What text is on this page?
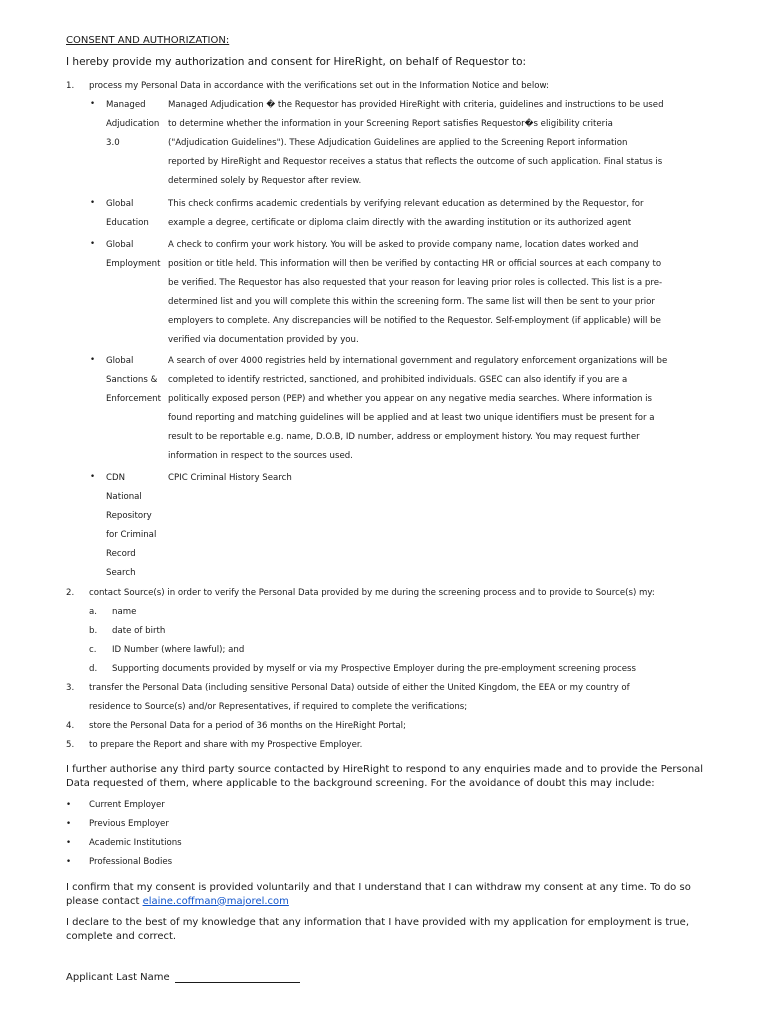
CONSENT AND AUTHORIZATION:
I hereby provide my authorization and consent for HireRight, on behalf of Requestor to:
1. process my Personal Data in accordance with the verifications set out in the Information Notice and below:
• Managed
Adjudication
3.0
Managed Adjudication � the Requestor has provided HireRight with criteria, guidelines and instructions to be used
to determine whether the information in your Screening Report satisfies Requestor�s eligibility criteria
("Adjudication Guidelines"). These Adjudication Guidelines are applied to the Screening Report information
reported by HireRight and Requestor receives a status that reflects the outcome of such application. Final status is
determined solely by Requestor after review.
• Global
Education
This check confirms academic credentials by verifying relevant education as determined by the Requestor, for
example a degree, certificate or diploma claim directly with the awarding institution or its authorized agent
• Global
Employment
A check to confirm your work history. You will be asked to provide company name, location dates worked and
position or title held. This information will then be verified by contacting HR or official sources at each company to
be verified. The Requestor has also requested that your reason for leaving prior roles is collected. This list is a pre-
determined list and you will complete this within the screening form. The same list will then be sent to your prior
employers to complete. Any discrepancies will be notified to the Requestor. Self-employment (if applicable) will be
verified via documentation provided by you.
• Global
Sanctions &
Enforcement
A search of over 4000 registries held by international government and regulatory enforcement organizations will be
completed to identify restricted, sanctioned, and prohibited individuals. GSEC can also identify if you are a
politically exposed person (PEP) and whether you appear on any negative media searches. Where information is
found reporting and matching guidelines will be applied and at least two unique identifiers must be present for a
result to be reportable e.g. name, D.O.B, ID number, address or employment history. You may request further
information in respect to the sources used.
• CDN
National
Repository
for Criminal
Record
Search
CPIC Criminal History Search
2. contact Source(s) in order to verify the Personal Data provided by me during the screening process and to provide to Source(s) my:
a. name
b. date of birth
c. ID Number (where lawful); and
d. Supporting documents provided by myself or via my Prospective Employer during the pre-employment screening process
3. transfer the Personal Data (including sensitive Personal Data) outside of either the United Kingdom, the EEA or my country of
residence to Source(s) and/or Representatives, if required to complete the verifications;
4. store the Personal Data for a period of 36 months on the HireRight Portal;
5. to prepare the Report and share with my Prospective Employer.
I further authorise any third party source contacted by HireRight to respond to any enquiries made and to provide the Personal Data requested of them, where applicable to the background screening. For the avoidance of doubt this may include:
• Current Employer
• Previous Employer
• Academic Institutions
• Professional Bodies
I confirm that my consent is provided voluntarily and that I understand that I can withdraw my consent at any time. To do so please contact elaine.coffman@majorel.com
I declare to the best of my knowledge that any information that I have provided with my application for employment is true, complete and correct.
Applicant Last Name
